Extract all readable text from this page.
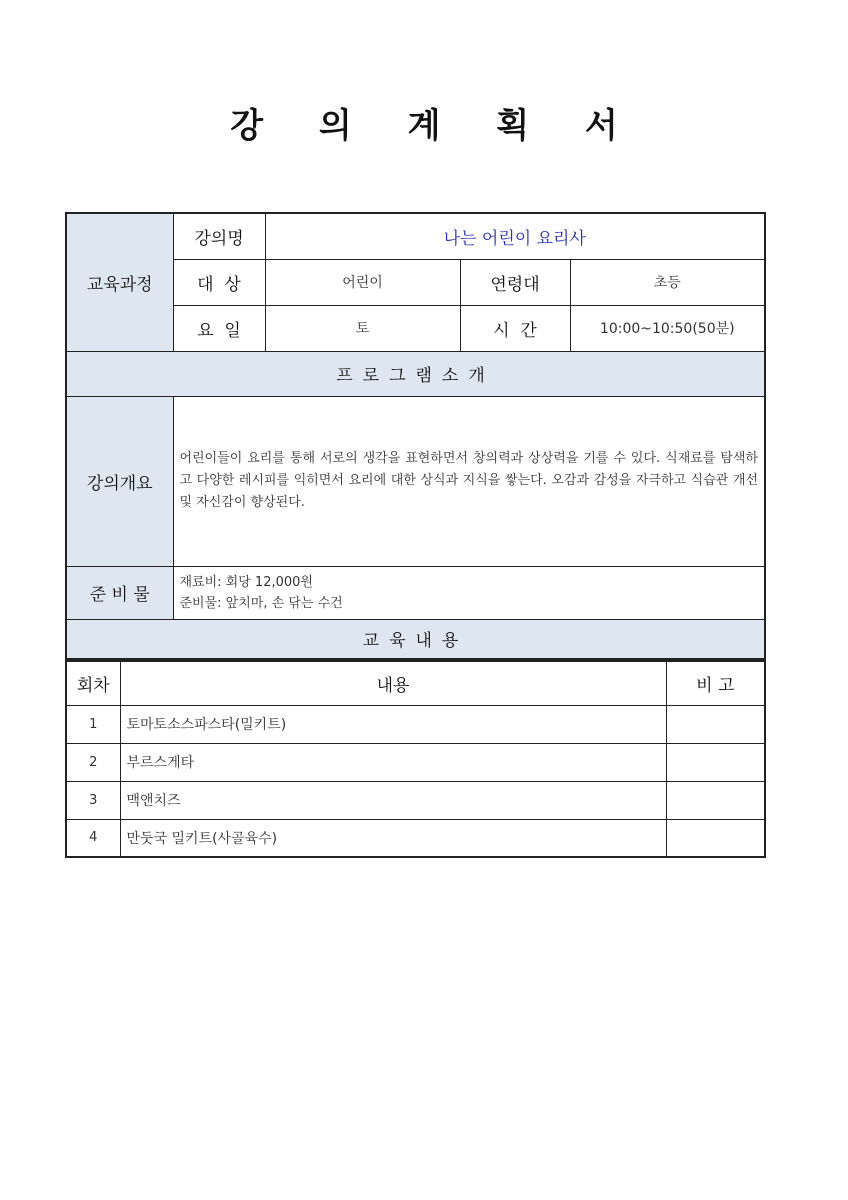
강 의 계 획 서
교육과정	강의명	나는 어린이 요리사		
	대  상	어린이	연령대	초등
	요  일	토	시  간	10:00~10:50(50분)
프로그램소개				
강의개요	어린이들이 요리를 통해 서로의 생각을 표현하면서 창의력과 상상력을 기를 수 있다. 식재료를 탐색하고 다양한 레시피를 익히면서 요리에 대한 상식과 지식을 쌓는다. 오감과 감성을 자극하고 식습관 개선 및 자신감이 향상된다.			

준 비 물	재료비: 회당 12,000원
준비물: 앞치마, 손 닦는 수건			

교육내용				
회차	내용	비 고
1	토마토소스파스타(밀키트)	
2	부르스게타	
3	맥앤치즈	
4	만둣국 밀키트(사골육수)	
